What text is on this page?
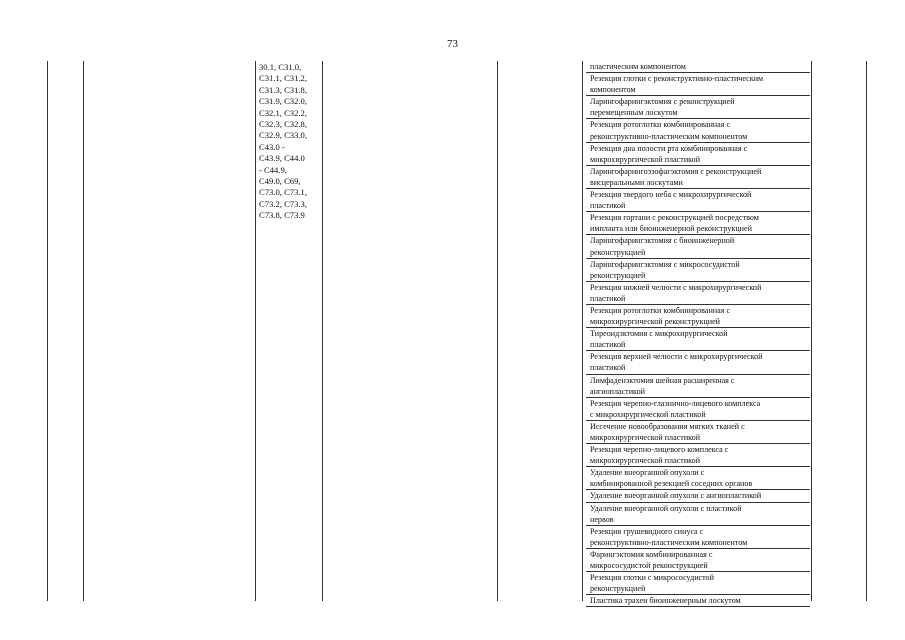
73
30.1, C31.0,
C31.1, C31.2,
C31.3, C31.8,
C31.9, C32.0,
C32.1, C32.2,
C32.3, C32.8,
C32.9, C33.0,
C43.0 -
C43.9, C44.0
- C44.9,
C49.0, C69,
C73.0, C73.1,
C73.2, C73.3,
C73.8, C73.9
пластическим компонентом
Резекция глотки с реконструктивно-пластическим
компонентом
Ларингофарингэктомия с реконструкцией
перемещенным лоскутом
Резекция ротоглотки комбинированная с
реконструктивно-пластическим компонентом
Резекция дна полости рта комбинированная с
микрохирургической пластикой
Ларингофарингоэзофагэктомия с реконструкцией
висцеральными лоскутами
Резекция твердого неба с микрохирургической
пластикой
Резекция гортани с реконструкцией посредством
импланта или биоинженерной реконструкцией
Ларингофарингэктомия с биоинженерной
реконструкцией
Ларингофарингэктомия с микрососудистой
реконструкцией
Резекция нижней челюсти с микрохирургической
пластикой
Резекция ротоглотки комбинированная с
микрохирургической реконструкцией
Тиреоидэктомия с микрохирургической
пластикой
Резекция верхней челюсти с микрохирургической
пластикой
Лимфаденэктомия шейная расширенная с
ангиопластикой
Резекция черепно-глазнично-лицевого комплекса
с микрохирургической пластикой
Иссечение новообразования мягких тканей с
микрохирургической пластикой
Резекция черепно-лицевого комплекса с
микрохирургической пластикой
Удаление внеорганной опухоли с
комбинированной резекцией соседних органов
Удаление внеорганной опухоли с ангиопластикой
Удаление внеорганной опухоли с пластикой
нервов
Резекция грушевидного синуса с
реконструктивно-пластическим компонентом
Фарингэктомия комбинированная с
микрососудистой реконструкцией
Резекция глотки с микрососудистой
реконструкцией
Пластика трахеи биоинженерным лоскутом
